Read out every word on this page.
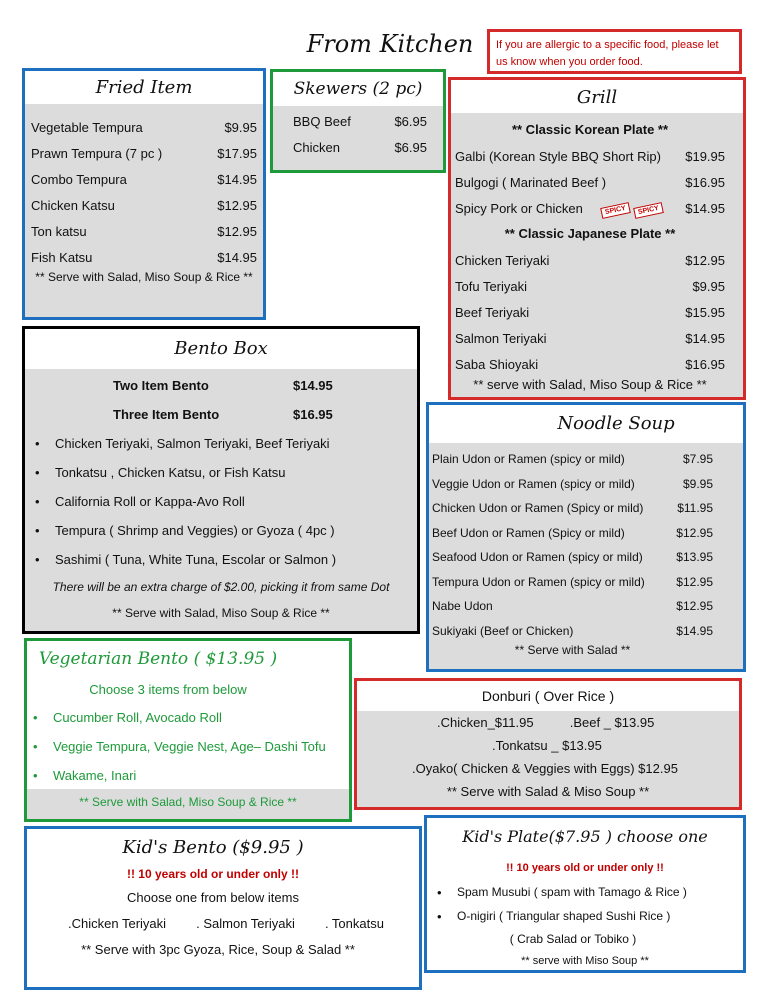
From Kitchen	If you are allergic to a specific food, please let us know when you order food.
Fried Item
Vegetable Tempura	$9.95
Prawn Tempura (7 pc )	$17.95
Combo Tempura	$14.95
Chicken Katsu	$12.95
Ton katsu	$12.95
Fish Katsu	$14.95
** Serve with Salad, Miso Soup & Rice **
Skewers (2 pc)
BBQ Beef	$6.95
Chicken	$6.95
Grill
** Classic Korean Plate **
Galbi (Korean Style BBQ Short Rip) $19.95
Bulgogi ( Marinated Beef )	$16.95
Spicy Pork or Chicken	SPICY SPICY	$14.95
** Classic Japanese Plate **
Chicken Teriyaki	$12.95
Tofu Teriyaki	$9.95
Beef Teriyaki	$15.95
Salmon Teriyaki	$14.95
Saba Shioyaki	$16.95
** serve with Salad, Miso Soup & Rice **
Bento Box
Two Item Bento	$14.95
Three Item Bento	$16.95
• Chicken Teriyaki, Salmon Teriyaki, Beef Teriyaki
• Tonkatsu , Chicken Katsu, or Fish Katsu
• California Roll or Kappa-Avo Roll
• Tempura ( Shrimp and Veggies) or Gyoza ( 4pc )
• Sashimi ( Tuna, White Tuna, Escolar or Salmon )
There will be an extra charge of $2.00, picking it from same Dot
** Serve with Salad, Miso Soup & Rice **
Noodle Soup
Plain Udon or Ramen (spicy or mild)	$7.95
Veggie Udon or Ramen (spicy or mild)	$9.95
Chicken Udon or Ramen (Spicy or mild)	$11.95
Beef Udon or Ramen (Spicy or mild)	$12.95
Seafood Udon or Ramen (spicy or mild)	$13.95
Tempura Udon or Ramen (spicy or mild)	$12.95
Nabe Udon	$12.95
Sukiyaki (Beef or Chicken)	$14.95
** Serve with Salad **
Vegetarian Bento ( $13.95 )
Choose 3 items from below
• Cucumber Roll, Avocado Roll
• Veggie Tempura, Veggie Nest, Age– Dashi Tofu
• Wakame, Inari
** Serve with Salad, Miso Soup & Rice **
Donburi ( Over Rice )
.Chicken_$11.95          .Beef _ $13.95
.Tonkatsu _ $13.95
.Oyako( Chicken & Veggies with Eggs) $12.95
** Serve with Salad & Miso Soup **
Kid's Bento ($9.95 )
!! 10 years old or under only !!
Choose one from below items
.Chicken Teriyaki . Salmon Teriyaki . Tonkatsu
** Serve with 3pc Gyoza, Rice, Soup & Salad **
Kid's Plate($7.95 ) choose one
!! 10 years old or under only !!
• Spam Musubi ( spam with Tamago & Rice )
• O-nigiri ( Triangular shaped Sushi Rice )
( Crab Salad or Tobiko )
** serve with Miso Soup **
